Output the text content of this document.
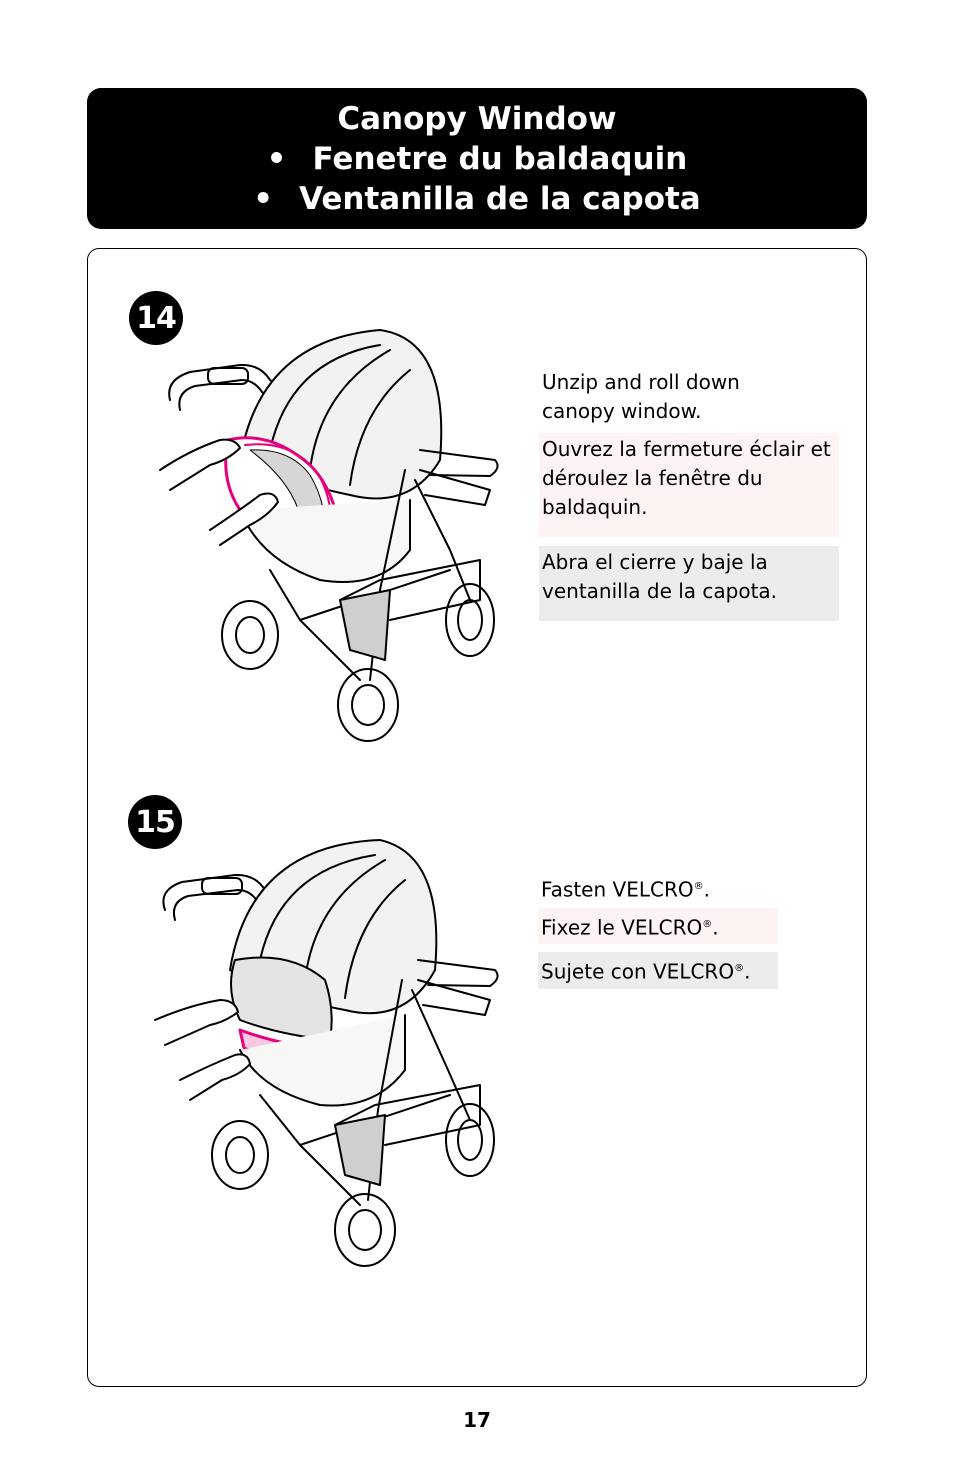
Canopy Window
• Fenetre du baldaquin
• Ventanilla de la capota
14
Unzip and roll down canopy window.
Ouvrez la fermeture éclair et déroulez la fenêtre du baldaquin.
Abra el cierre y baje la ventanilla de la capota.
15
Fasten VELCRO®.
Fixez le VELCRO®.
Sujete con VELCRO®.
17
